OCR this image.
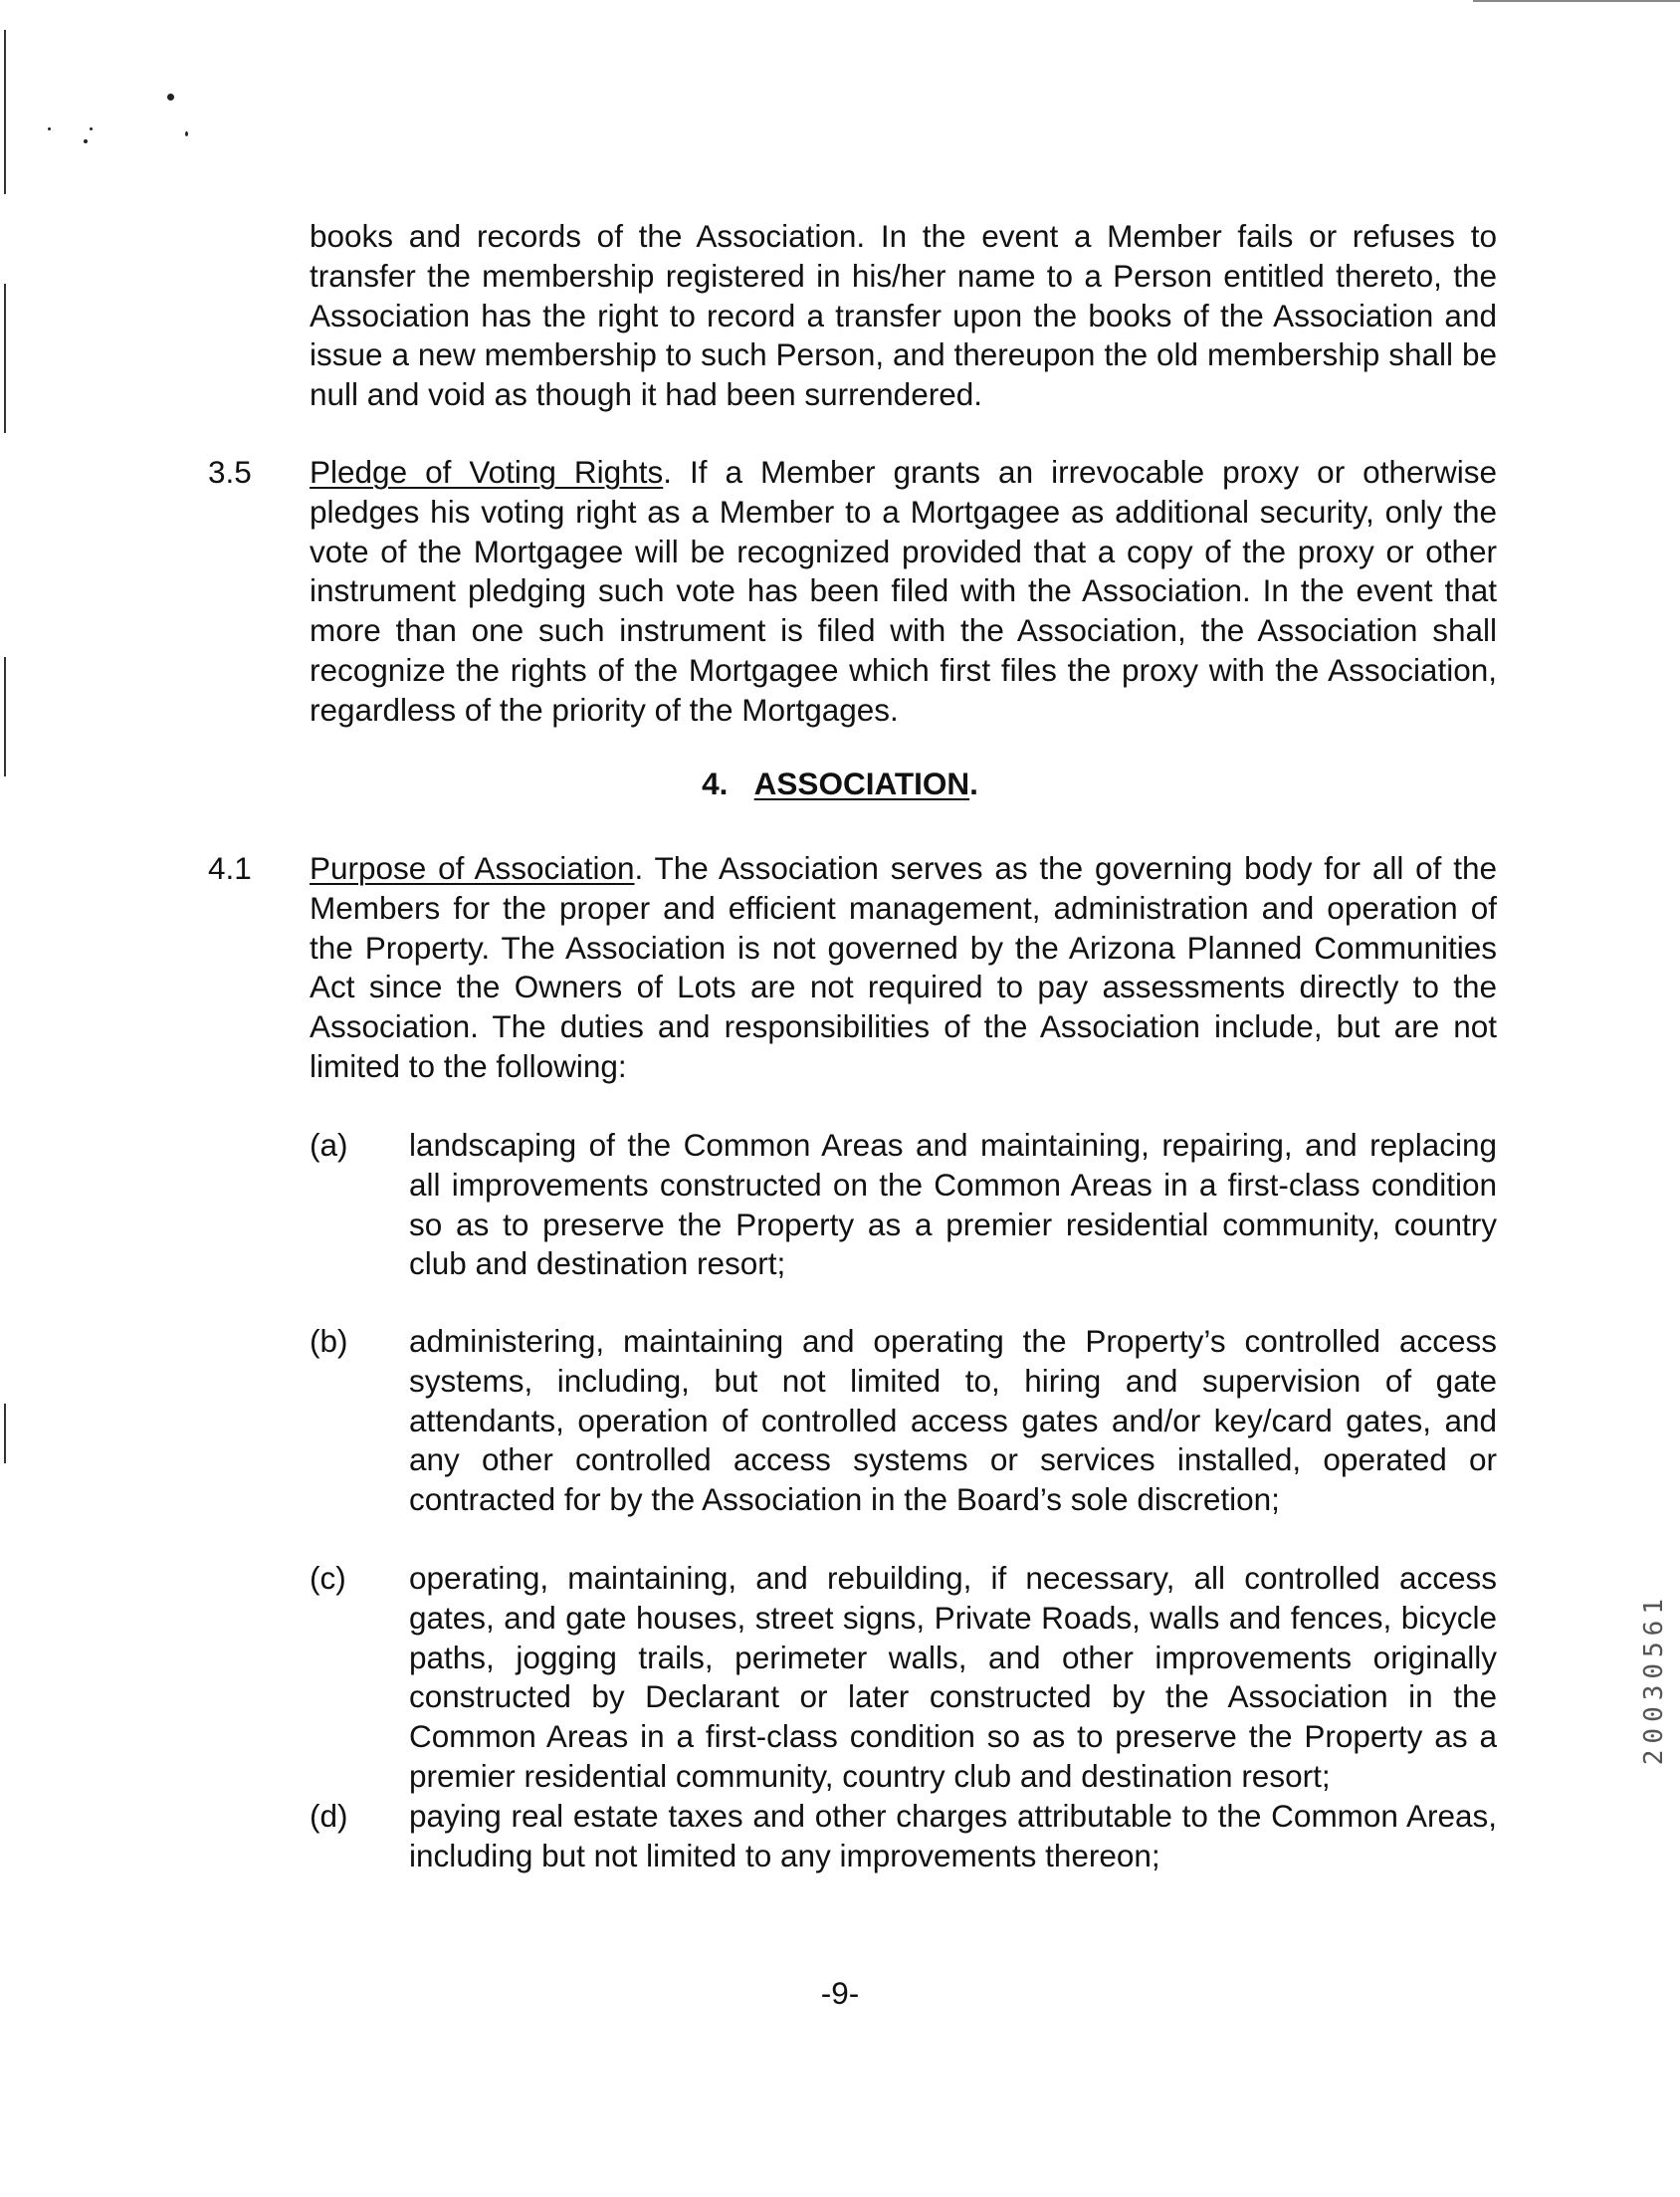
books and records of the Association. In the event a Member fails or refuses to transfer the membership registered in his/her name to a Person entitled thereto, the Association has the right to record a transfer upon the books of the Association and issue a new membership to such Person, and thereupon the old membership shall be null and void as though it had been surrendered.
3.5 Pledge of Voting Rights. If a Member grants an irrevocable proxy or otherwise pledges his voting right as a Member to a Mortgagee as additional security, only the vote of the Mortgagee will be recognized provided that a copy of the proxy or other instrument pledging such vote has been filed with the Association. In the event that more than one such instrument is filed with the Association, the Association shall recognize the rights of the Mortgagee which first files the proxy with the Association, regardless of the priority of the Mortgages.
4. ASSOCIATION.
4.1 Purpose of Association. The Association serves as the governing body for all of the Members for the proper and efficient management, administration and operation of the Property. The Association is not governed by the Arizona Planned Communities Act since the Owners of Lots are not required to pay assessments directly to the Association. The duties and responsibilities of the Association include, but are not limited to the following:
(a) landscaping of the Common Areas and maintaining, repairing, and replacing all improvements constructed on the Common Areas in a first-class condition so as to preserve the Property as a premier residential community, country club and destination resort;
(b) administering, maintaining and operating the Property’s controlled access systems, including, but not limited to, hiring and supervision of gate attendants, operation of controlled access gates and/or key/card gates, and any other controlled access systems or services installed, operated or contracted for by the Association in the Board’s sole discretion;
(c) operating, maintaining, and rebuilding, if necessary, all controlled access gates, and gate houses, street signs, Private Roads, walls and fences, bicycle paths, jogging trails, perimeter walls, and other improvements originally constructed by Declarant or later constructed by the Association in the Common Areas in a first-class condition so as to preserve the Property as a premier residential community, country club and destination resort;
(d) paying real estate taxes and other charges attributable to the Common Areas, including but not limited to any improvements thereon;
-9-
20030561
